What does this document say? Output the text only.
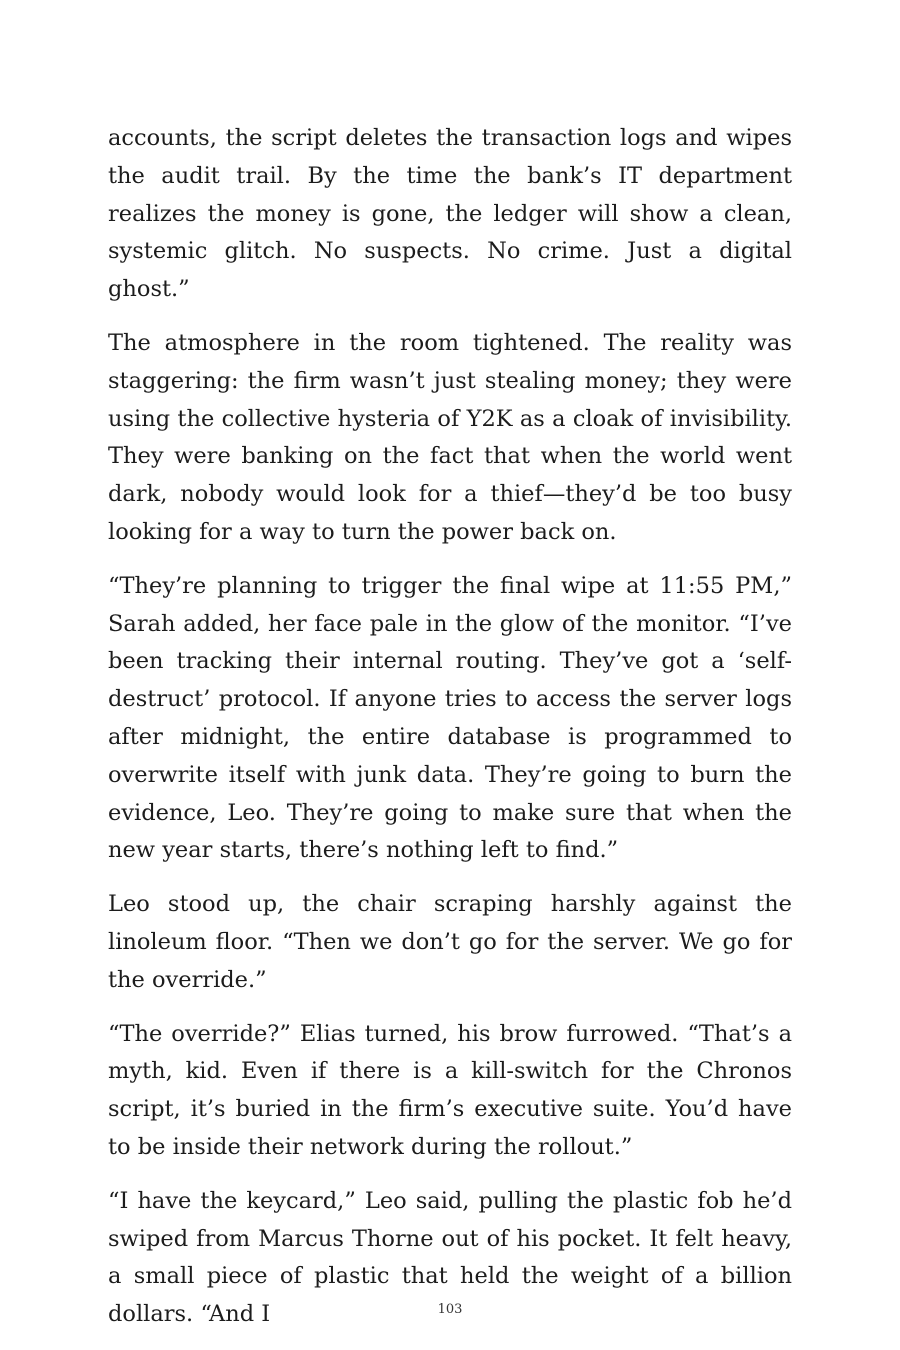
accounts, the script deletes the transaction logs and wipes the audit trail. By the time the bank’s IT department realizes the money is gone, the ledger will show a clean, systemic glitch. No suspects. No crime. Just a digital ghost.”

The atmosphere in the room tightened. The reality was staggering: the firm wasn’t just stealing money; they were using the collective hysteria of Y2K as a cloak of invisibility. They were banking on the fact that when the world went dark, nobody would look for a thief—they’d be too busy looking for a way to turn the power back on.

“They’re planning to trigger the final wipe at 11:55 PM,” Sarah added, her face pale in the glow of the monitor. “I’ve been tracking their internal routing. They’ve got a ‘self-destruct’ protocol. If anyone tries to access the server logs after midnight, the entire database is programmed to overwrite itself with junk data. They’re going to burn the evidence, Leo. They’re going to make sure that when the new year starts, there’s nothing left to find.”

Leo stood up, the chair scraping harshly against the linoleum floor. “Then we don’t go for the server. We go for the override.”

“The override?” Elias turned, his brow furrowed. “That’s a myth, kid. Even if there is a kill-switch for the Chronos script, it’s buried in the firm’s executive suite. You’d have to be inside their network during the rollout.”

“I have the keycard,” Leo said, pulling the plastic fob he’d swiped from Marcus Thorne out of his pocket. It felt heavy, a small piece of plastic that held the weight of a billion dollars. “And I	103
